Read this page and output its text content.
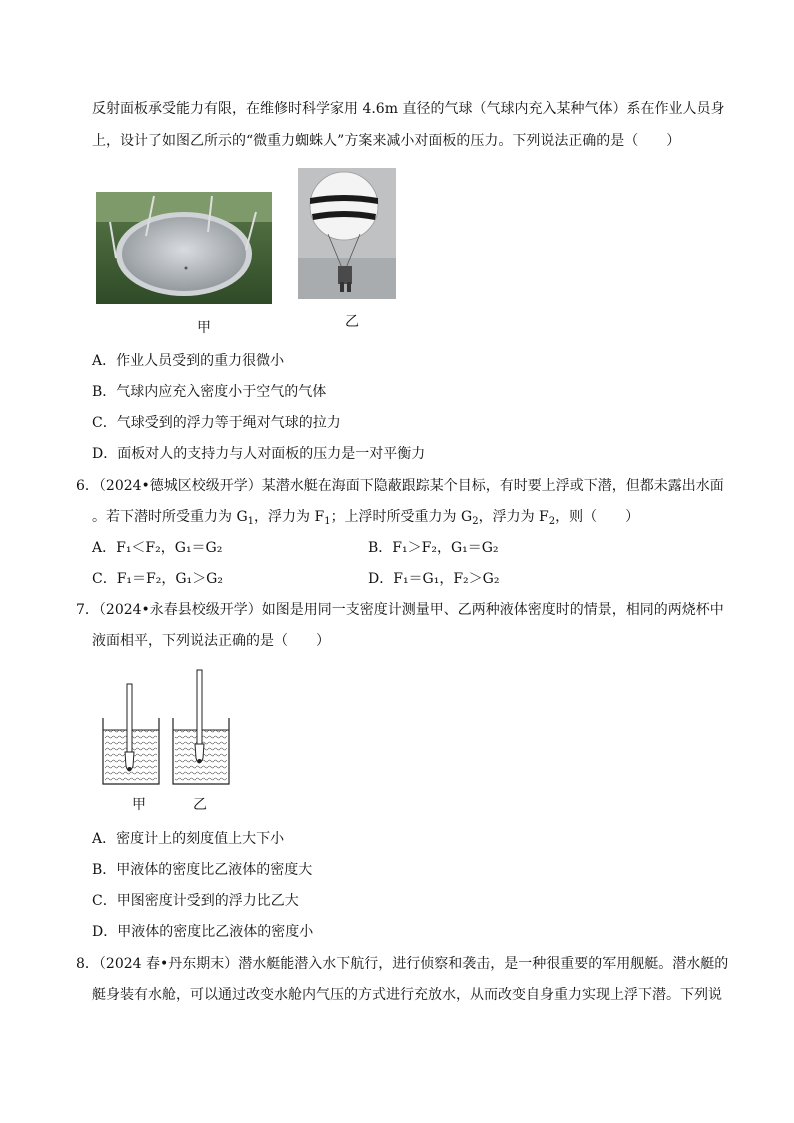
反射面板承受能力有限，在维修时科学家用 4.6m 直径的气球（气球内充入某种气体）系在作业人员身
上，设计了如图乙所示的“微重力蜘蛛人”方案来减小对面板的压力。下列说法正确的是（　　）
甲	乙
A．作业人员受到的重力很微小
B．气球内应充入密度小于空气的气体
C．气球受到的浮力等于绳对气球的拉力
D．面板对人的支持力与人对面板的压力是一对平衡力
6．（2024•德城区校级开学）某潜水艇在海面下隐蔽跟踪某个目标，有时要上浮或下潜，但都未露出水面
。若下潜时所受重力为 $G_1$，浮力为 $F_1$；上浮时所受重力为 $G_2$，浮力为 $F_2$，则（　　）
A．F₁＜F₂，G₁＝G₂	B．F₁＞F₂，G₁＝G₂
C．F₁＝F₂，G₁＞G₂	D．F₁＝G₁，F₂＞G₂
7．（2024•永春县校级开学）如图是用同一支密度计测量甲、乙两种液体密度时的情景，相同的两烧杯中
液面相平，下列说法正确的是（　　）
甲	乙
A．密度计上的刻度值上大下小
B．甲液体的密度比乙液体的密度大
C．甲图密度计受到的浮力比乙大
D．甲液体的密度比乙液体的密度小
8．（2024 春•丹东期末）潜水艇能潜入水下航行，进行侦察和袭击，是一种很重要的军用舰艇。潜水艇的
艇身装有水舱，可以通过改变水舱内气压的方式进行充放水，从而改变自身重力实现上浮下潜。下列说
